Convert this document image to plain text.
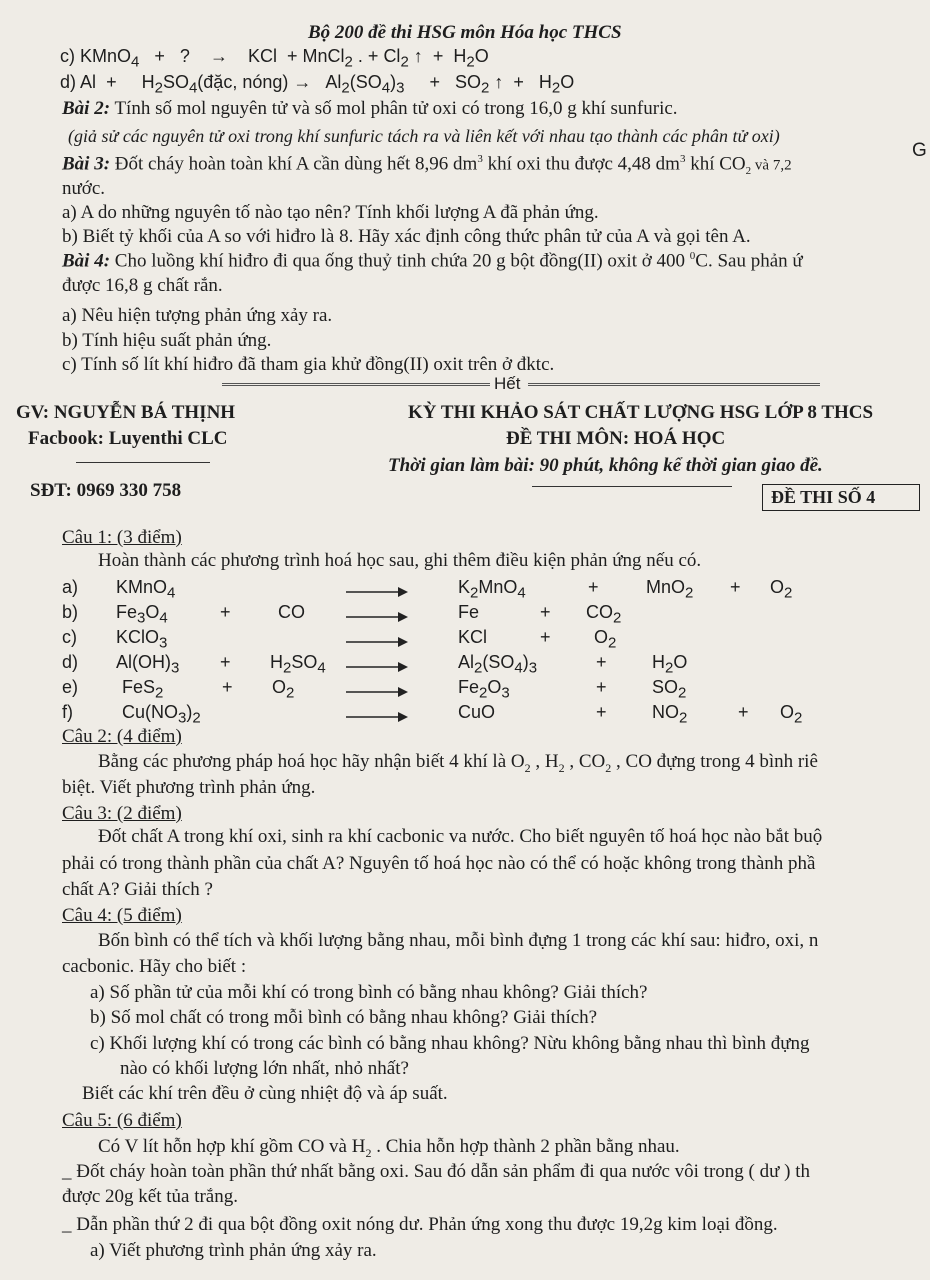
Bộ 200 đề thi HSG môn Hóa học THCS
c) KMnO$_4$ + ? → KCl + MnCl$_2$ . + $Cl_2$ ↑ + $H_2O$
d) $Al + H_2SO_4(đặc$, nóng) → $Al_2(SO_4)_3 + SO_2$ ↑ + $H_2O$
Bài 2: Tính số mol nguyên tử và số mol phân tử oxi có trong 16,0 g khí sunfuric.
(giả sử các nguyên tử oxi trong khí sunfuric tách ra và liên kết với nhau tạo thành các phân tử oxi)
G
Bài 3: Đốt cháy hoàn toàn khí A cần dùng hết 8,96 $dm^3$ khí oxi thu được 4,48 $dm^3$ khí $CO_2$ và 7,2
nước.
a) A do những nguyên tố nào tạo nên? Tính khối lượng A đã phản ứng.
b) Biết tỷ khối của A so với hiđro là 8. Hãy xác định công thức phân tử của A và gọi tên A.
Bài 4: Cho luồng khí hiđro đi qua ống thuỷ tinh chứa 20 g bột đồng(II) oxit ở 400 $^0$C. Sau phản ứ
được 16,8 g chất rắn.
a) Nêu hiện tượng phản ứng xảy ra.
b) Tính hiệu suất phản ứng.
c) Tính số lít khí hiđro đã tham gia khử đồng(II) oxit trên ở đktc.
Hết
GV: NGUYỄN BÁ THỊNH
Facbook: Luyenthi CLC
SĐT: 0969 330 758
KỲ THI KHẢO SÁT CHẤT LƯỢNG HSG LỚP 8 THCS
ĐỀ THI MÔN: HOÁ HỌC
Thời gian làm bài: 90 phút, không kể thời gian giao đề.
ĐỀ THI SỐ 4
Câu 1: (3 điểm)
Hoàn thành các phương trình hoá học sau, ghi thêm điều kiện phản ứng nếu có.
a) KMnO$_4$	$K_2MnO_4$	+	$MnO_2 + O_2$
b) $Fe_3O_4$	+	CO	Fe	+ $CO_2$
c) KClO$_3$	KCl	+ $O_2$
d) $Al(OH)_3 + H_2SO_4$ →	$Al_2(SO_4)_3$	+	$H_2O$
e) FeS$_2$	+ $O_2$	$Fe_2O_3$	+	$SO_2$
f)	$Cu(NO_3)_2$	CuO	+	$NO_2$	+ $O_2$
Câu 2: (4 điểm)
Bằng các phương pháp hoá học hãy nhận biết 4 khí là $O_2$ , $H_2$ , $CO_2$ , CO đựng trong 4 bình riê
biệt. Viết phương trình phản ứng.
Câu 3: (2 điểm)
Đốt chất A trong khí oxi, sinh ra khí cacbonic va nước. Cho biết nguyên tố hoá học nào bắt buộ
phải có trong thành phần của chất A? Nguyên tố hoá học nào có thể có hoặc không trong thành phầ
chất A? Giải thích ?
Câu 4: (5 điểm)
Bốn bình có thể tích và khối lượng bằng nhau, mỗi bình đựng 1 trong các khí sau: hiđro, oxi, n
cacbonic. Hãy cho biết :
a) Số phần tử của mỗi khí có trong bình có bằng nhau không? Giải thích?
b) Số mol chất có trong mỗi bình có bằng nhau không? Giải thích?
c) Khối lượng khí có trong các bình có bằng nhau không? Nừu không bằng nhau thì bình đựng
nào có khối lượng lớn nhất, nhỏ nhất?
Biết các khí trên đều ở cùng nhiệt độ và áp suất.
Câu 5: (6 điểm)
Có V lít hỗn hợp khí gồm CO và $H_2$ . Chia hỗn hợp thành 2 phần bằng nhau.
_ Đốt cháy hoàn toàn phần thứ nhất bằng oxi. Sau đó dẫn sản phẩm đi qua nước vôi trong ( dư ) th
được 20g kết tủa trắng.
_ Dẫn phần thứ 2 đi qua bột đồng oxit nóng dư. Phản ứng xong thu được 19,2g kim loại đồng.
a) Viết phương trình phản ứng xảy ra.
